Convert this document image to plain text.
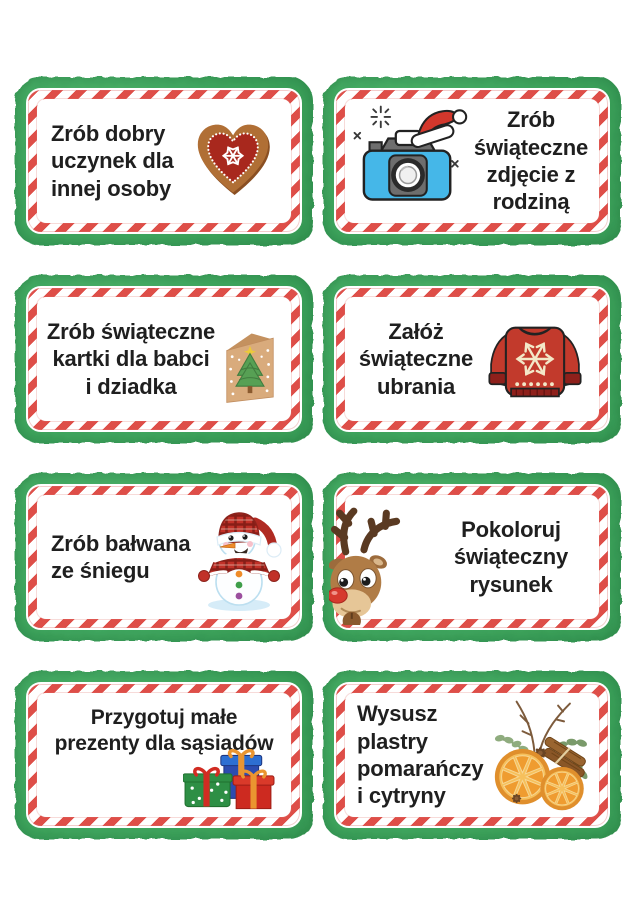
Zrób dobry
uczynek dla
innej osoby
Zrób
świąteczne
zdjęcie z
rodziną
Zrób świąteczne
kartki dla babci
i dziadka
Załóż
świąteczne
ubrania
Zrób bałwana
ze śniegu
Pokoloruj
świąteczny
rysunek
Przygotuj małe
prezenty dla sąsiadów
Wysusz
plastry
pomarańczy
i cytryny
